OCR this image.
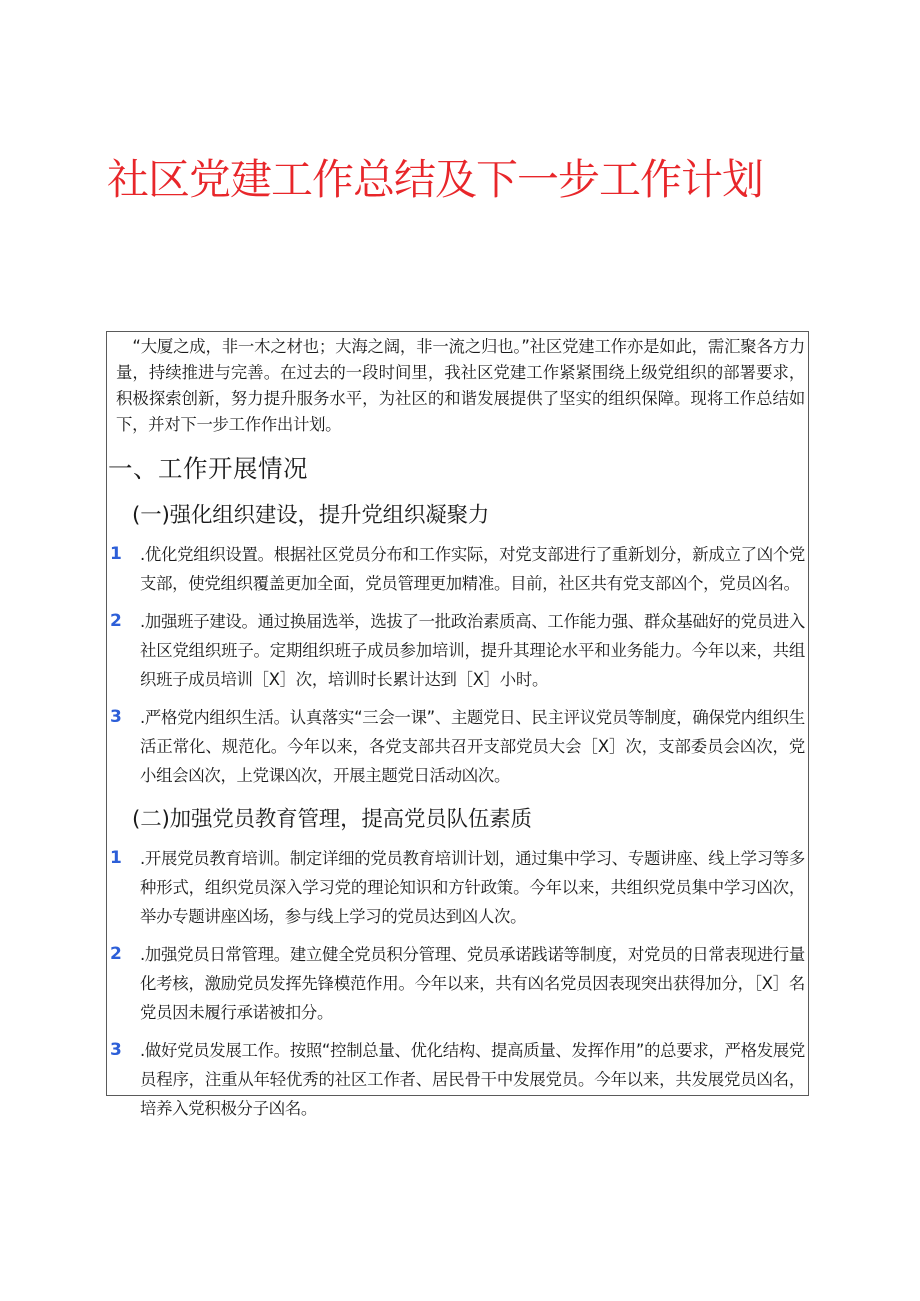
社区党建工作总结及下一步工作计划

“大厦之成，非一木之材也；大海之阔，非一流之归也。”社区党建工作亦是如此，需汇聚各方力量，持续推进与完善。在过去的一段时间里，我社区党建工作紧紧围绕上级党组织的部署要求，积极探索创新，努力提升服务水平，为社区的和谐发展提供了坚实的组织保障。现将工作总结如下，并对下一步工作作出计划。

一、工作开展情况
(一)强化组织建设，提升党组织凝聚力
1 .优化党组织设置。根据社区党员分布和工作实际，对党支部进行了重新划分，新成立了凶个党支部，使党组织覆盖更加全面，党员管理更加精准。目前，社区共有党支部凶个，党员凶名。
2 .加强班子建设。通过换届选举，选拔了一批政治素质高、工作能力强、群众基础好的党员进入社区党组织班子。定期组织班子成员参加培训，提升其理论水平和业务能力。今年以来，共组织班子成员培训［X］次，培训时长累计达到［X］小时。
3 .严格党内组织生活。认真落实“三会一课”、主题党日、民主评议党员等制度，确保党内组织生活正常化、规范化。今年以来，各党支部共召开支部党员大会［X］次，支部委员会凶次，党小组会凶次，上党课凶次，开展主题党日活动凶次。
(二)加强党员教育管理，提高党员队伍素质
1 .开展党员教育培训。制定详细的党员教育培训计划，通过集中学习、专题讲座、线上学习等多种形式，组织党员深入学习党的理论知识和方针政策。今年以来，共组织党员集中学习凶次，举办专题讲座凶场，参与线上学习的党员达到凶人次。
2 .加强党员日常管理。建立健全党员积分管理、党员承诺践诺等制度，对党员的日常表现进行量化考核，激励党员发挥先锋模范作用。今年以来，共有凶名党员因表现突出获得加分，［X］名党员因未履行承诺被扣分。
3 .做好党员发展工作。按照“控制总量、优化结构、提高质量、发挥作用”的总要求，严格发展党员程序，注重从年轻优秀的社区工作者、居民骨干中发展党员。今年以来，共发展党员凶名，培养入党积极分子凶名。
